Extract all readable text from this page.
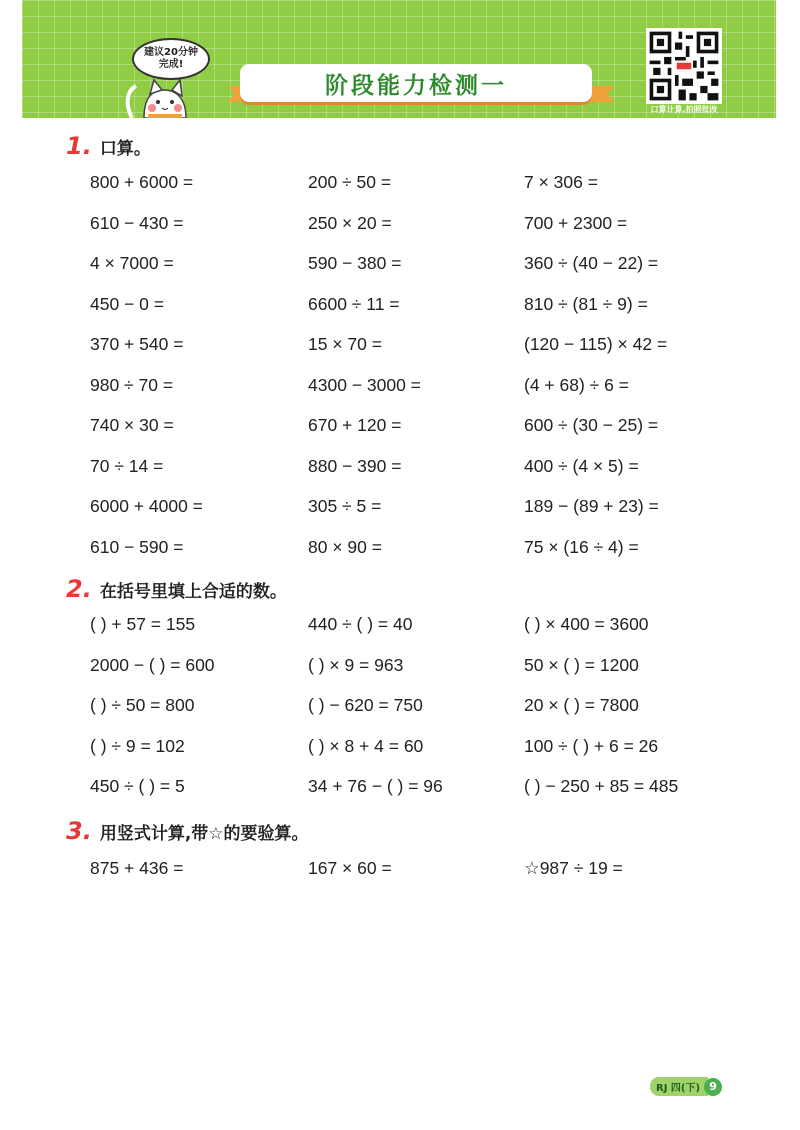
建议20分钟
完成!
阶段能力检测一
口算计算,拍照批改
1. 口算。
800 + 6000 =	200 ÷ 50 =	7 × 306 =
610 − 430 =	250 × 20 =	700 + 2300 =
4 × 7000 =	590 − 380 =	360 ÷ (40 − 22) =
450 − 0 =	6600 ÷ 11 =	810 ÷ (81 ÷ 9) =
370 + 540 =	15 × 70 =	(120 − 115) × 42 =
980 ÷ 70 =	4300 − 3000 =	(4 + 68) ÷ 6 =
740 × 30 =	670 + 120 =	600 ÷ (30 − 25) =
70 ÷ 14 =	880 − 390 =	400 ÷ (4 × 5) =
6000 + 4000 =	305 ÷ 5 =	189 − (89 + 23) =
610 − 590 =	80 × 90 =	75 × (16 ÷ 4) =
2. 在括号里填上合适的数。
( ) + 57 = 155	440 ÷ ( ) = 40	( ) × 400 = 3600
2000 − ( ) = 600	( ) × 9 = 963	50 × ( ) = 1200
( ) ÷ 50 = 800	( ) − 620 = 750	20 × ( ) = 7800
( ) ÷ 9 = 102	( ) × 8 + 4 = 60	100 ÷ ( ) + 6 = 26
450 ÷ ( ) = 5	34 + 76 − ( ) = 96	( ) − 250 + 85 = 485
3. 用竖式计算,带☆的要验算。
875 + 436 =	167 × 60 =	☆987 ÷ 19 =
RJ 四(下) 9
